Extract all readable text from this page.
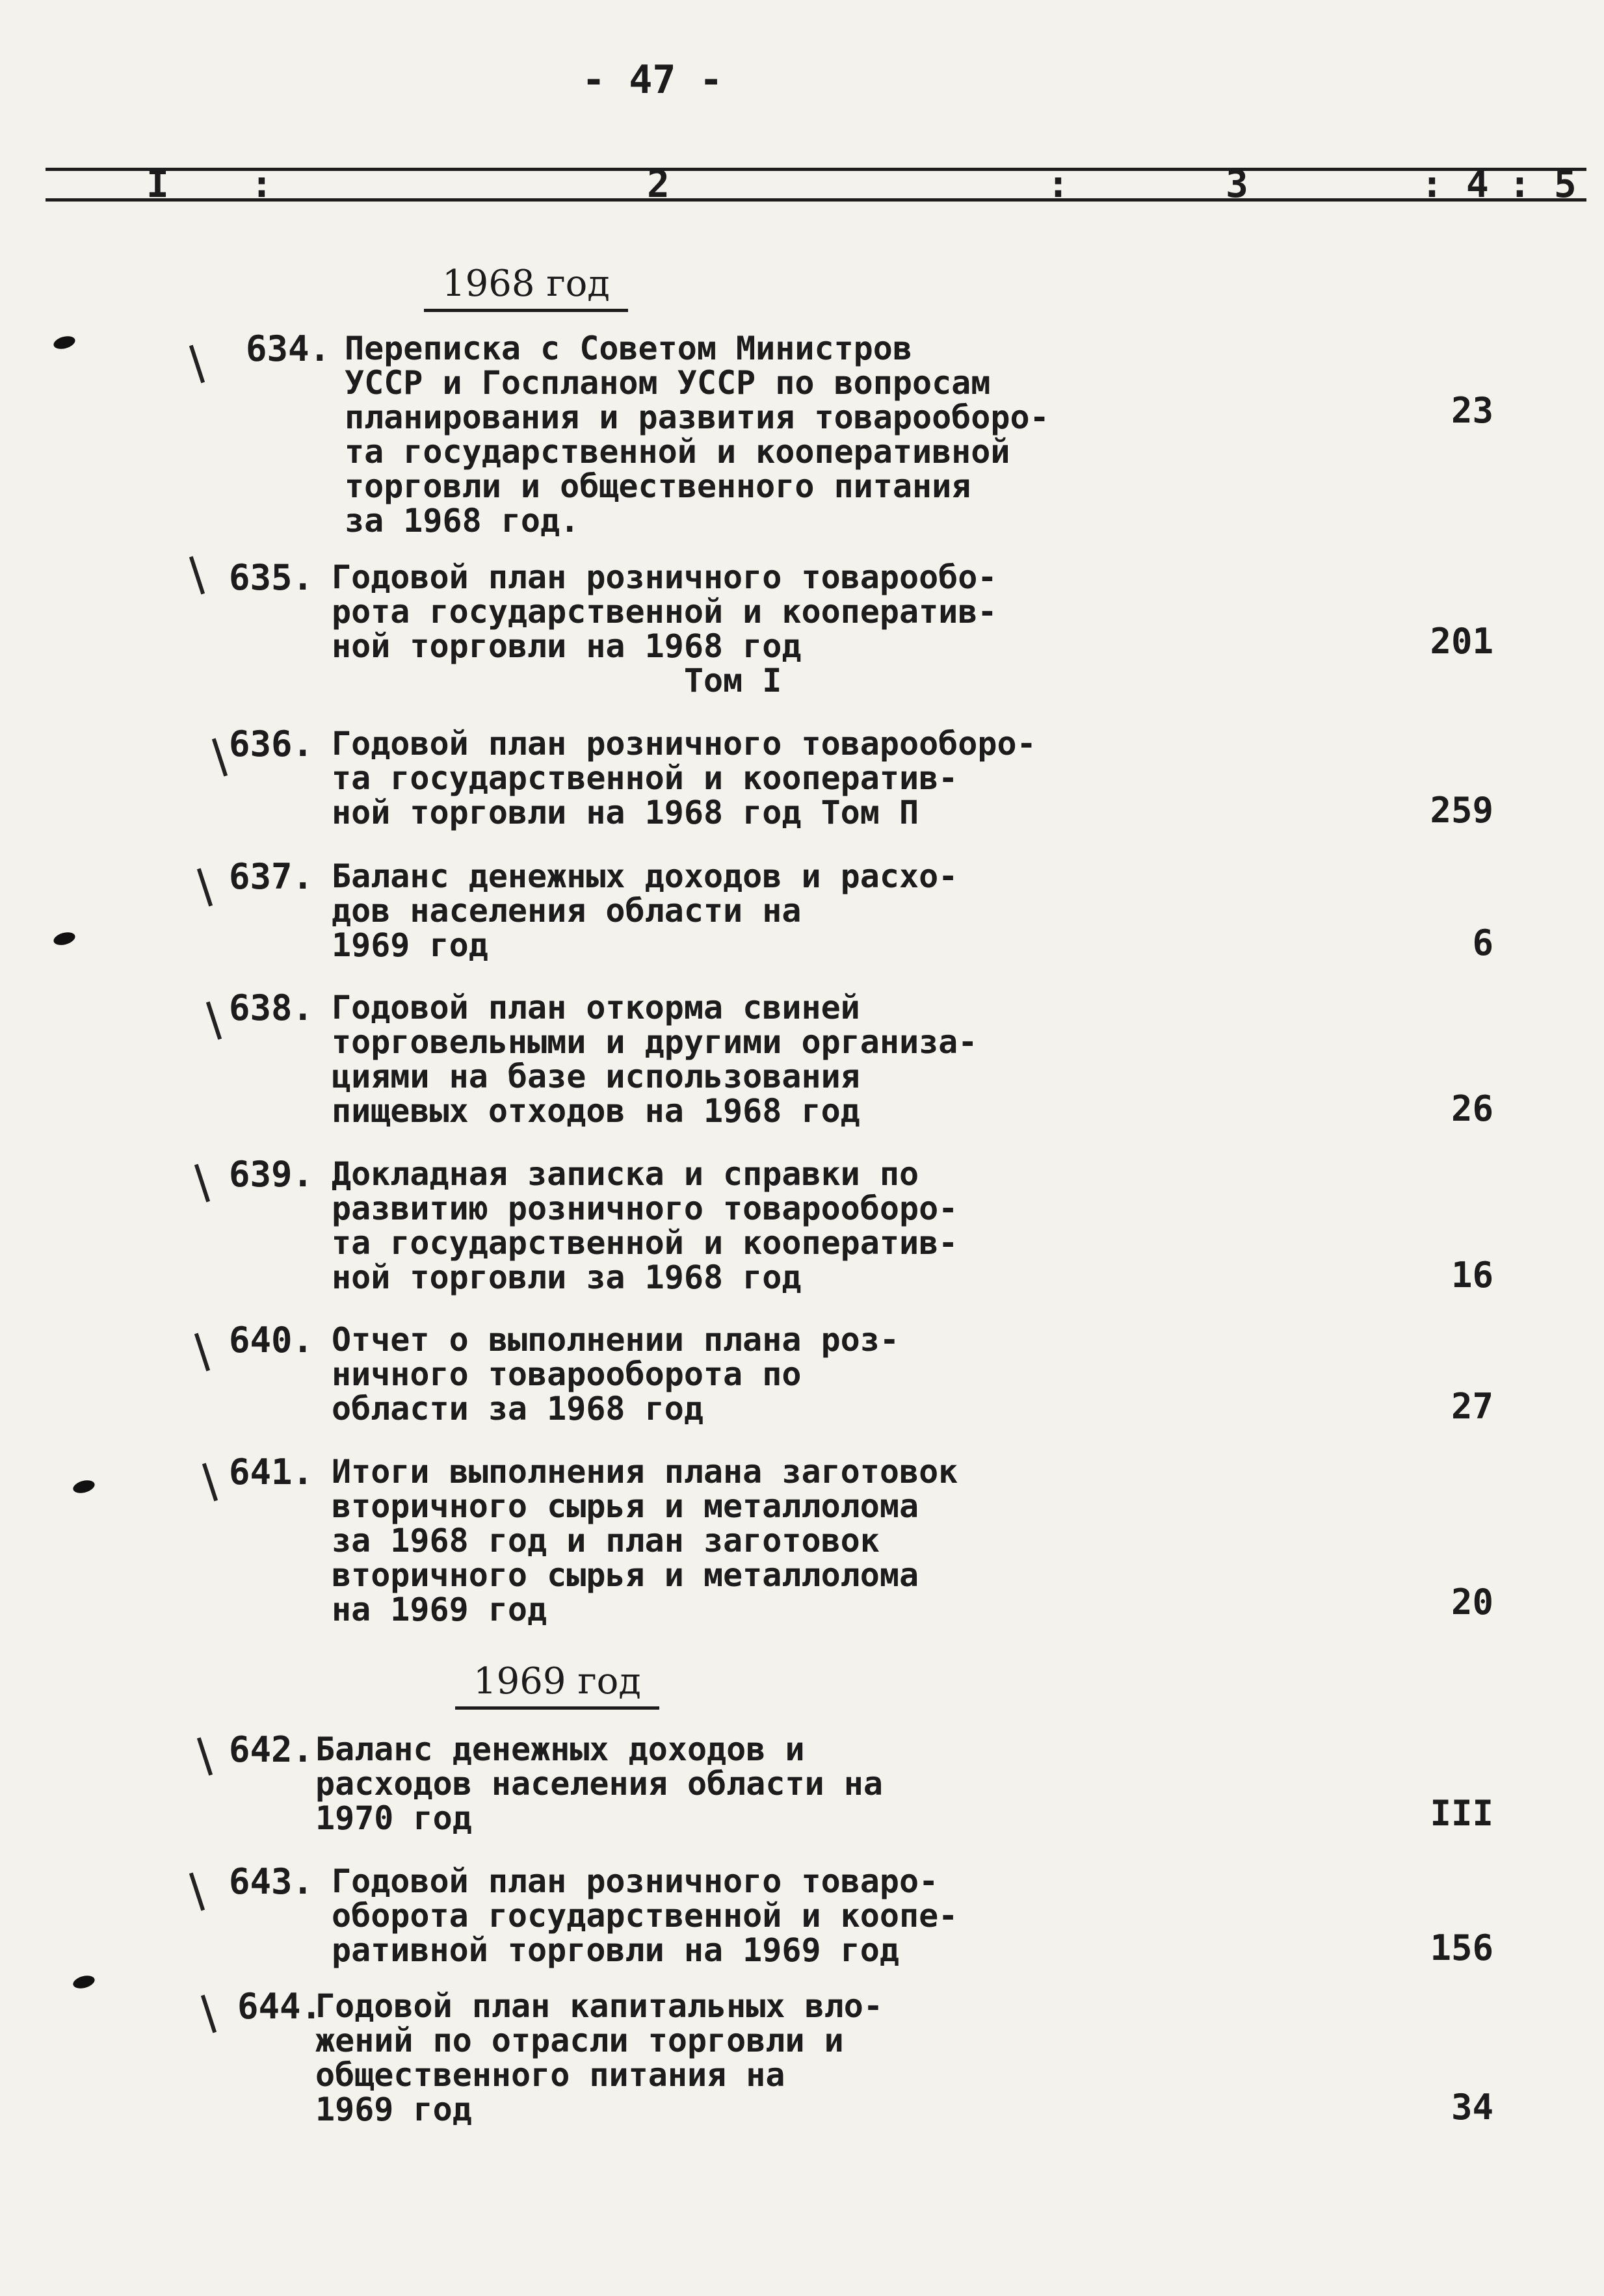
- 47 -
I :	2	:	3	: 4 : 5
1968 год
634. Переписка с Советом Министров
УССР и Госпланом УССР по вопросам
планирования и развития товарооборо-
та государственной и кооперативной
торговли и общественного питания
за 1968 год.
23
635. Годовой план розничного товарообо-
рота государственной и кооператив-
ной торговли на 1968 год
Том I
201
636. Годовой план розничного товарооборо-
та государственной и кооператив-
ной торговли на 1968 год Том П	259
637. Баланс денежных доходов и расхо-
дов населения области на
1969 год	6
638. Годовой план откорма свиней
торговельными и другими организа-
циями на базе использования
пищевых отходов на 1968 год	26
639. Докладная записка и справки по
развитию розничного товарооборо-
та государственной и кооператив-
ной торговли за 1968 год	16
640. Отчет о выполнении плана роз-
ничного товарооборота по
области за 1968 год	27
641. Итоги выполнения плана заготовок
вторичного сырья и металлолома
за 1968 год и план заготовок
вторичного сырья и металлолома
на 1969 год	20
1969 год
642. Баланс денежных доходов и
расходов населения области на
1970 год	III
643. Годовой план розничного товаро-
оборота государственной и коопе-
ративной торговли на 1969 год	156
644.
Годовой план капитальных вло-
жений по отрасли торговли и
общественного питания на
1969 год	34
